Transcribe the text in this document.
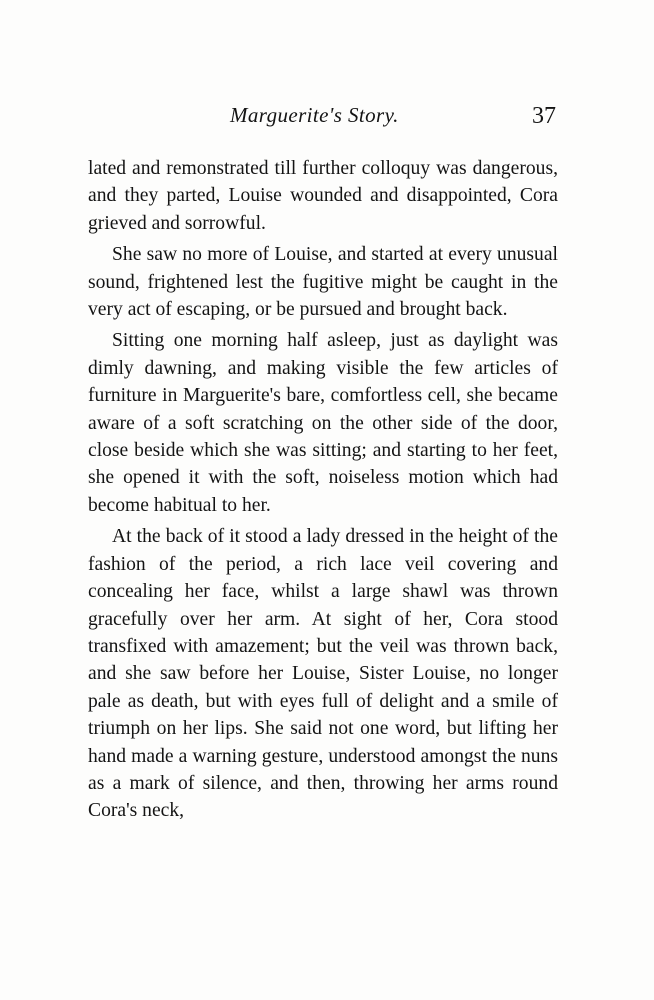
Marguerite's Story.	37

lated and remonstrated till further colloquy was dangerous, and they parted, Louise wounded and disappointed, Cora grieved and sorrowful.

She saw no more of Louise, and started at every unusual sound, frightened lest the fugitive might be caught in the very act of escaping, or be pursued and brought back.

Sitting one morning half asleep, just as daylight was dimly dawning, and making visible the few articles of furniture in Marguerite's bare, comfortless cell, she became aware of a soft scratching on the other side of the door, close beside which she was sitting; and starting to her feet, she opened it with the soft, noiseless motion which had become habitual to her.

At the back of it stood a lady dressed in the height of the fashion of the period, a rich lace veil covering and concealing her face, whilst a large shawl was thrown gracefully over her arm. At sight of her, Cora stood transfixed with amazement; but the veil was thrown back, and she saw before her Louise, Sister Louise, no longer pale as death, but with eyes full of delight and a smile of triumph on her lips. She said not one word, but lifting her hand made a warning gesture, understood amongst the nuns as a mark of silence, and then, throwing her arms round Cora's neck,
